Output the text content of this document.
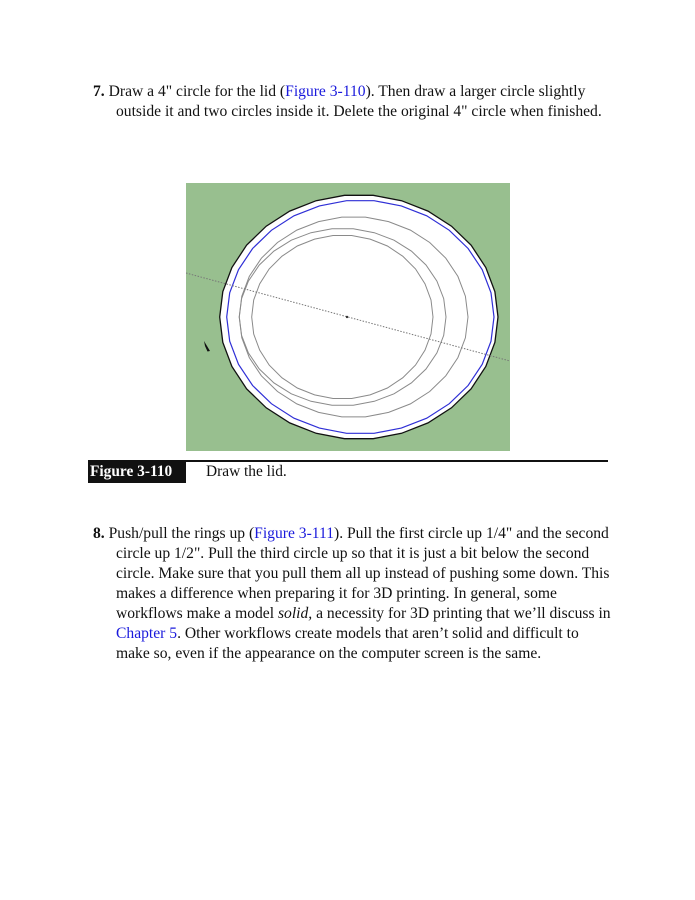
7. Draw a 4" circle for the lid (Figure 3-110). Then draw a larger circle slightly outside it and two circles inside it. Delete the original 4" circle when finished.
Figure 3-110	Draw the lid.
8. Push/pull the rings up (Figure 3-111). Pull the first circle up 1/4" and the second circle up 1/2". Pull the third circle up so that it is just a bit below the second circle. Make sure that you pull them all up instead of pushing some down. This makes a difference when preparing it for 3D printing. In general, some workflows make a model solid, a necessity for 3D printing that we’ll discuss in Chapter 5. Other workflows create models that aren’t solid and difficult to make so, even if the appearance on the computer screen is the same.
